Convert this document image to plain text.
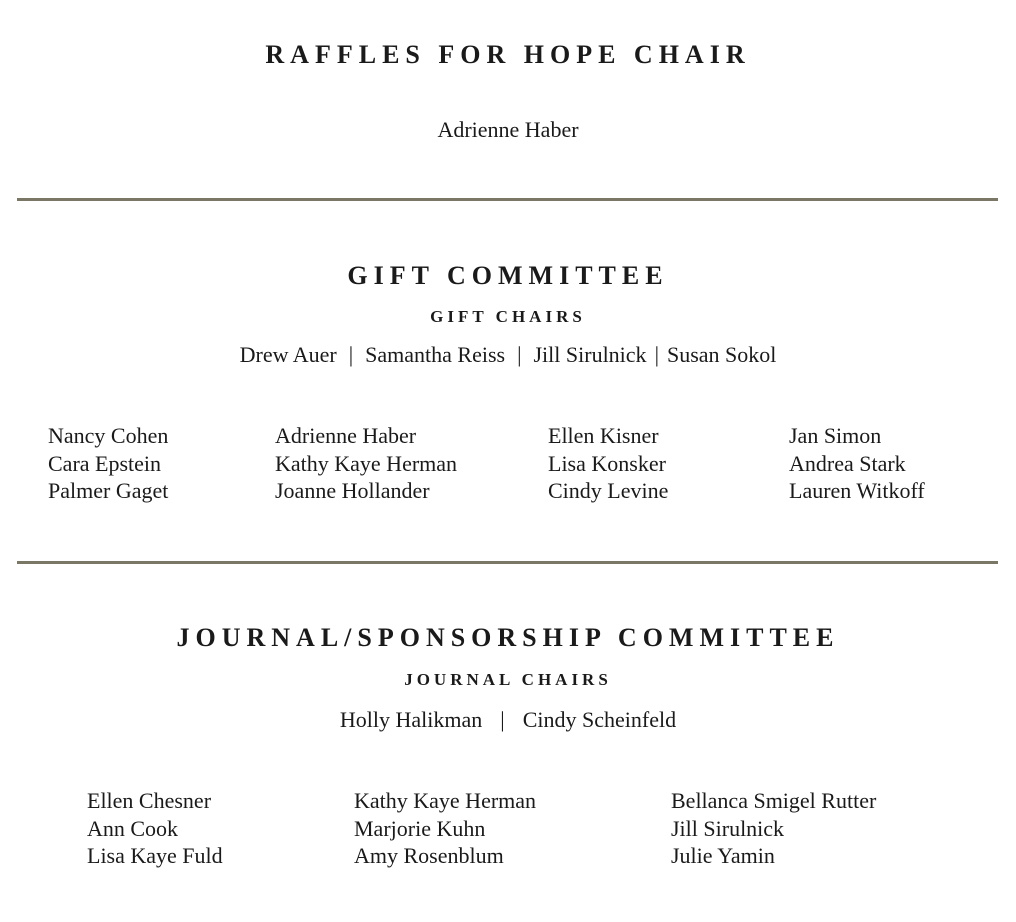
RAFFLES FOR HOPE CHAIR
Adrienne Haber
GIFT COMMITTEE
GIFT CHAIRS
Drew Auer | Samantha Reiss | Jill Sirulnick | Susan Sokol
Nancy Cohen
Cara Epstein
Palmer Gaget
Adrienne Haber
Kathy Kaye Herman
Joanne Hollander
Ellen Kisner
Lisa Konsker
Cindy Levine
Jan Simon
Andrea Stark
Lauren Witkoff
JOURNAL/SPONSORSHIP COMMITTEE
JOURNAL CHAIRS
Holly Halikman | Cindy Scheinfeld
Ellen Chesner
Ann Cook
Lisa Kaye Fuld
Kathy Kaye Herman
Marjorie Kuhn
Amy Rosenblum
Bellanca Smigel Rutter
Jill Sirulnick
Julie Yamin
